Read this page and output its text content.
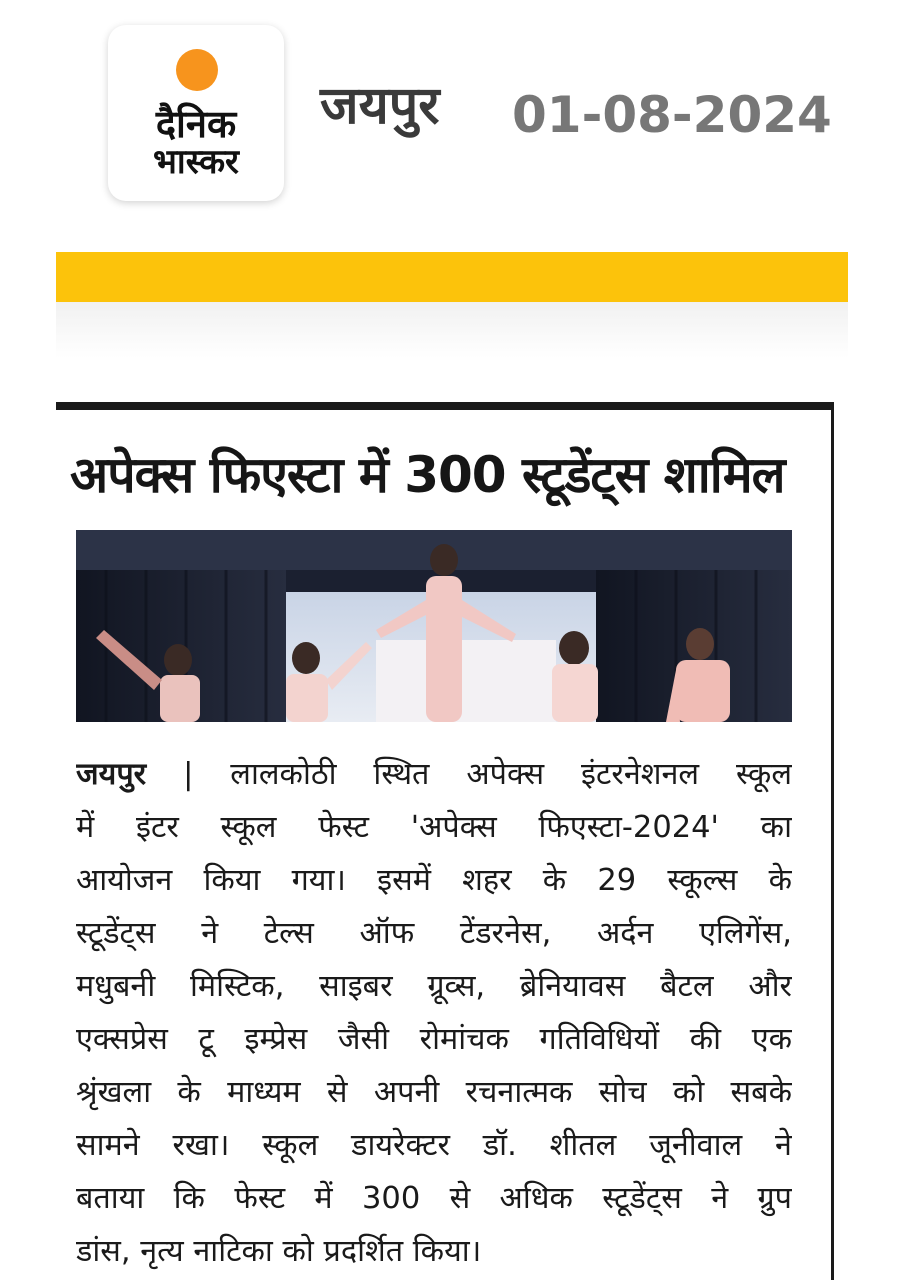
दैनिक
भास्कर
जयपुर 01-08-2024
अपेक्स फिएस्टा में 300 स्टूडेंट्स शामिल
जयपुर | लालकोठी स्थित अपेक्स इंटरनेशनल स्कूल
में इंटर स्कूल फेस्ट 'अपेक्स फिएस्टा-2024' का
आयोजन किया गया। इसमें शहर के 29 स्कूल्स के
स्टूडेंट्स ने टेल्स ऑफ टेंडरनेस, अर्दन एलिगेंस,
मधुबनी मिस्टिक, साइबर ग्रूव्स, ब्रेनियावस बैटल और
एक्सप्रेस टू इम्प्रेस जैसी रोमांचक गतिविधियों की एक
श्रृंखला के माध्यम से अपनी रचनात्मक सोच को सबके
सामने रखा। स्कूल डायरेक्टर डॉ. शीतल जूनीवाल ने
बताया कि फेस्ट में 300 से अधिक स्टूडेंट्स ने ग्रुप
डांस, नृत्य नाटिका को प्रदर्शित किया।
